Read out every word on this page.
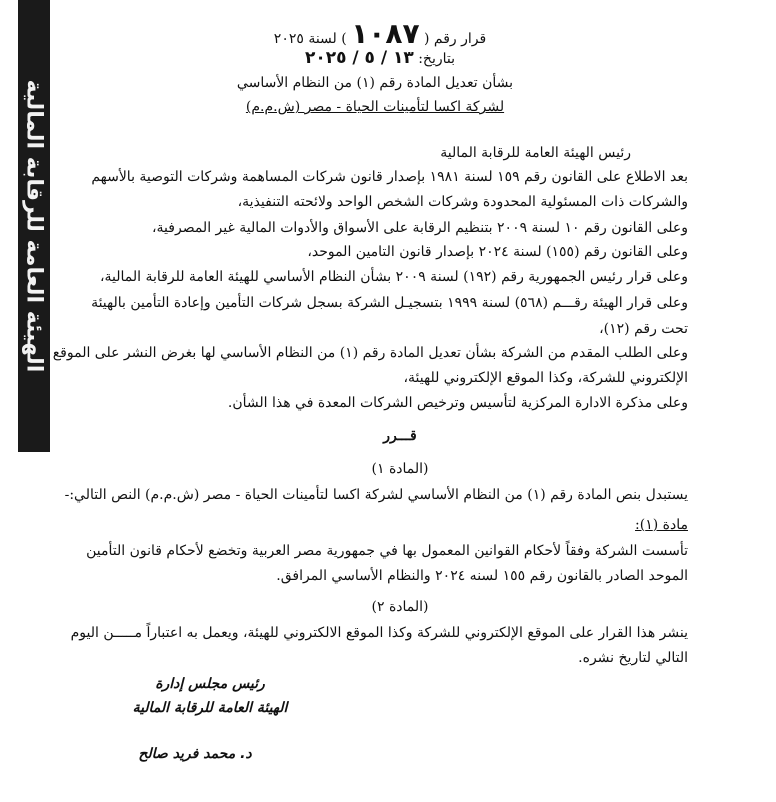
الهيئة العامة للرقابة المالية
قرار رقم ( ١٠٨٧ ) لسنة ٢٠٢٥
بتاريخ: ١٣ / ٥ / ٢٠٢٥
بشأن تعديل المادة رقم (١) من النظام الأساسي
لشركة اكسا لتأمينات الحياة - مصر (ش.م.م)
رئيس الهيئة العامة للرقابة المالية
بعد الاطلاع على القانون رقم ١٥٩ لسنة ١٩٨١ بإصدار قانون شركات المساهمة وشركات التوصية بالأسهم
والشركات ذات المسئولية المحدودة وشركات الشخص الواحد ولائحته التنفيذية،
وعلى القانون رقم ١٠ لسنة ٢٠٠٩ بتنظيم الرقابة على الأسواق والأدوات المالية غير المصرفية،
وعلى القانون رقم (١٥٥) لسنة ٢٠٢٤ بإصدار قانون التامين الموحد،
وعلى قرار رئيس الجمهورية رقم (١٩٢) لسنة ٢٠٠٩ بشأن النظام الأساسي للهيئة العامة للرقابة المالية،
وعلى قرار الهيئة رقـــم (٥٦٨) لسنة ١٩٩٩ بتسجيـل الشركة بسجل شركات التأمين وإعادة التأمين بالهيئة
تحت رقم (١٢)،
وعلى الطلب المقدم من الشركة بشأن تعديل المادة رقم (١) من النظام الأساسي لها بغرض النشر على الموقع
الإلكتروني للشركة، وكذا الموقع الإلكتروني للهيئة،
وعلى مذكرة الادارة المركزية لتأسيس وترخيص الشركات المعدة في هذا الشأن.
قـــرر
(المادة ١)
يستبدل بنص المادة رقم (١) من النظام الأساسي لشركة اكسا لتأمينات الحياة - مصر (ش.م.م) النص التالي:-
مادة (١):
تأسست الشركة وفقاً لأحكام القوانين المعمول بها في جمهورية مصر العربية وتخضع لأحكام قانون التأمين
الموحد الصادر بالقانون رقم ١٥٥ لسنه ٢٠٢٤ والنظام الأساسي المرافق.
(المادة ٢)
ينشر هذا القرار على الموقع الإلكتروني للشركة وكذا الموقع الالكتروني للهيئة، ويعمل به اعتباراً مـــــن اليوم
التالي لتاريخ نشره.
رئيس مجلس إدارة
الهيئة العامة للرقابة المالية
د. محمد فريد صالح
